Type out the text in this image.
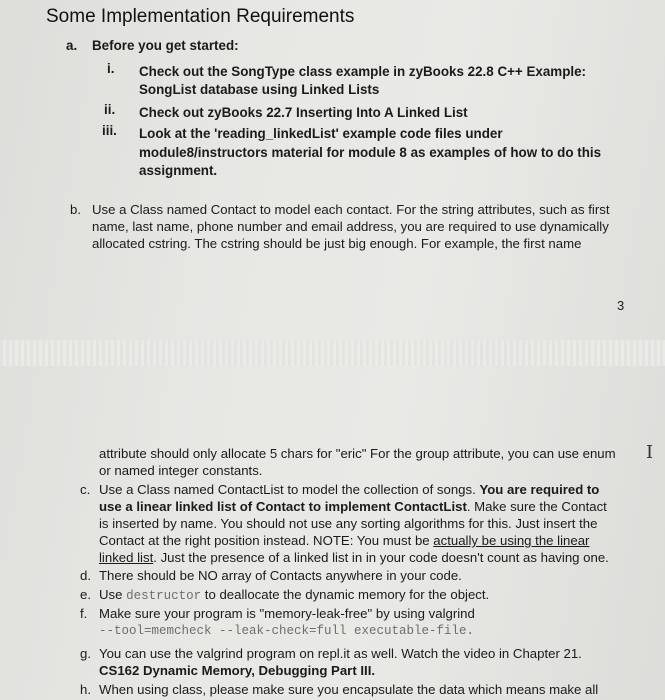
Some Implementation Requirements
a. Before you get started:
i. Check out the SongType class example in zyBooks 22.8 C++ Example:
SongList database using Linked Lists
ii. Check out zyBooks 22.7 Inserting Into A Linked List
iii. Look at the 'reading_linkedList' example code files under
module8/instructors material for module 8 as examples of how to do this
assignment.
b. Use a Class named Contact to model each contact. For the string attributes, such as first
name, last name, phone number and email address, you are required to use dynamically
allocated cstring. The cstring should be just big enough. For example, the first name
3
I
attribute should only allocate 5 chars for "eric" For the group attribute, you can use enum
or named integer constants.
c. Use a Class named ContactList to model the collection of songs. You are required to
use a linear linked list of Contact to implement ContactList. Make sure the Contact
is inserted by name. You should not use any sorting algorithms for this. Just insert the
Contact at the right position instead. NOTE: You must be actually be using the linear
linked list. Just the presence of a linked list in in your code doesn't count as having one.
d. There should be NO array of Contacts anywhere in your code.
e. Use destructor to deallocate the dynamic memory for the object.
f. Make sure your program is "memory-leak-free" by using valgrind
--tool=memcheck --leak-check=full executable-file.
g. You can use the valgrind program on repl.it as well. Watch the video in Chapter 21.
CS162 Dynamic Memory, Debugging Part III.
h. When using class, please make sure you encapsulate the data which means make all
